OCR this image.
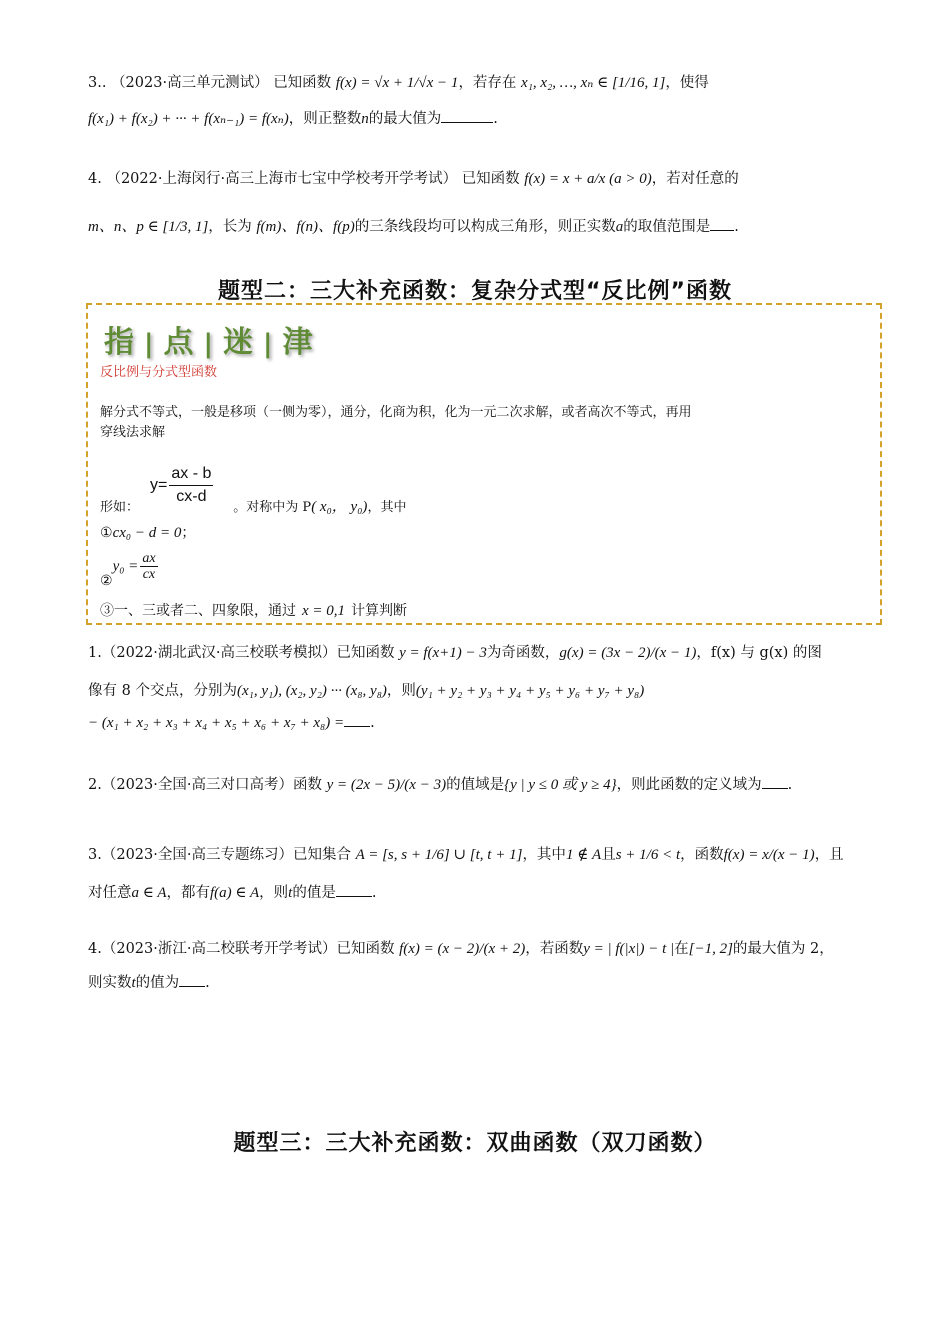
3.. （2023·高三单元测试） 已知函数 f(x) = √x + 1/√x − 1，若存在 x₁, x₂, …, xₙ ∈ [1/16, 1]，使得
f(x₁) + f(x₂) + ··· + f(xₙ₋₁) = f(xₙ)，则正整数n的最大值为	.
4. （2022·上海闵行·高三上海市七宝中学校考开学考试） 已知函数 f(x) = x + a/x (a > 0)，若对任意的
m、n、p ∈ [1/3, 1]，长为 f(m)、f(n)、f(p)的三条线段均可以构成三角形，则正实数a的取值范围是 .
题型二：三大补充函数：复杂分式型“反比例”函数
指 | 点 | 迷 | 津
反比例与分式型函数
解分式不等式，一般是移项（一侧为零），通分，化商为积，化为一元二次求解，或者高次不等式，再用
穿线法求解
$y= \frac{ax - b}{cx-d}$
形如：	。对称中为 P( x₀， y₀)，其中
①cx₀ − d = 0；
②y₀ = $\frac{ax}{cx}$
③一、三或者二、四象限，通过 x = 0,1 计算判断
1.（2022·湖北武汉·高三校联考模拟）已知函数 y = f(x+1) − 3为奇函数，g(x) = (3x − 2)/(x − 1)，f(x) 与 g(x) 的图
像有 8 个交点，分别为(x₁, y₁), (x₂, y₂) ··· (x₈, y₈)，则(y₁ + y₂ + y₃ + y₄ + y₅ + y₆ + y₇ + y₈)
− (x₁ + x₂ + x₃ + x₄ + x₅ + x₆ + x₇ + x₈) = .
2.（2023·全国·高三对口高考）函数 y = (2x − 5)/(x − 3)的值域是{y | y ≤ 0 或 y ≥ 4}，则此函数的定义域为 .
3.（2023·全国·高三专题练习）已知集合 A = [s, s + 1/6] ∪ [t, t + 1]，其中1 ∉ A且s + 1/6 < t，函数f(x) = x/(x − 1)，且
对任意a ∈ A，都有f(a) ∈ A，则t的值是 .
4.（2023·浙江·高二校联考开学考试）已知函数 f(x) = (x − 2)/(x + 2)，若函数y = | f(|x|) − t |在[−1, 2]的最大值为 2，
则实数t的值为 .
题型三：三大补充函数：双曲函数（双刀函数）
